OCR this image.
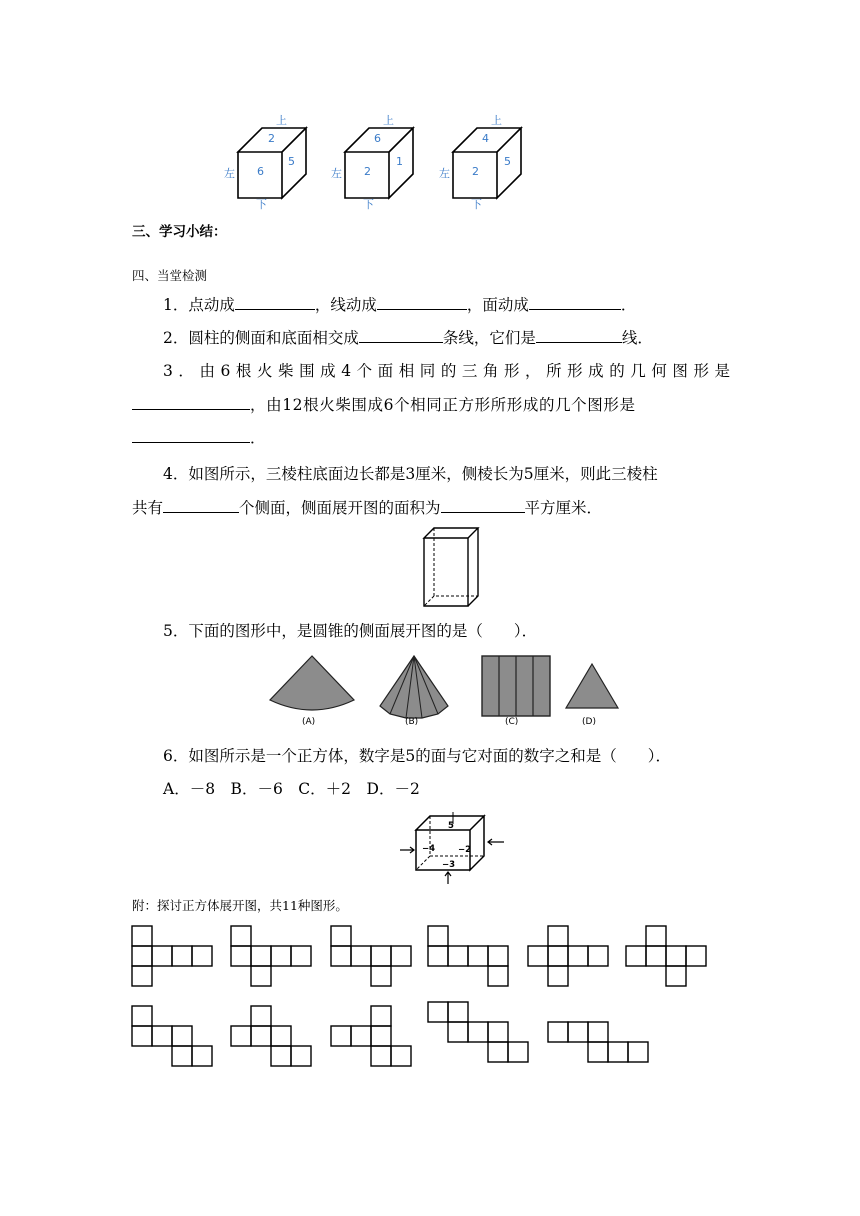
上
2
左 6
5
下
上
6
左 2
1
下
上
4
左 2
5
下
三、学习小结：
四、当堂检测
1．点动成	，线动成	，面动成	．
2．圆柱的侧面和底面相交成	条线，它们是	线．
3．由6根火柴围成4个面相同的三角形，所形成的几何图形是
，由12根火柴围成6个相同正方形所形成的几个图形是
．
4．如图所示，三棱柱底面边长都是3厘米，侧棱长为5厘米，则此三棱柱
共有	个侧面，侧面展开图的面积为	平方厘米．
5．下面的图形中，是圆锥的侧面展开图的是（　　）．
(A)	(B)	(C)	(D)
6．如图所示是一个正方体，数字是5的面与它对面的数字之和是（　　）．
A．－8　B．－6　C．＋2　D．－2
5
−4	−2
−3
附：探讨正方体展开图，共11种图形。
